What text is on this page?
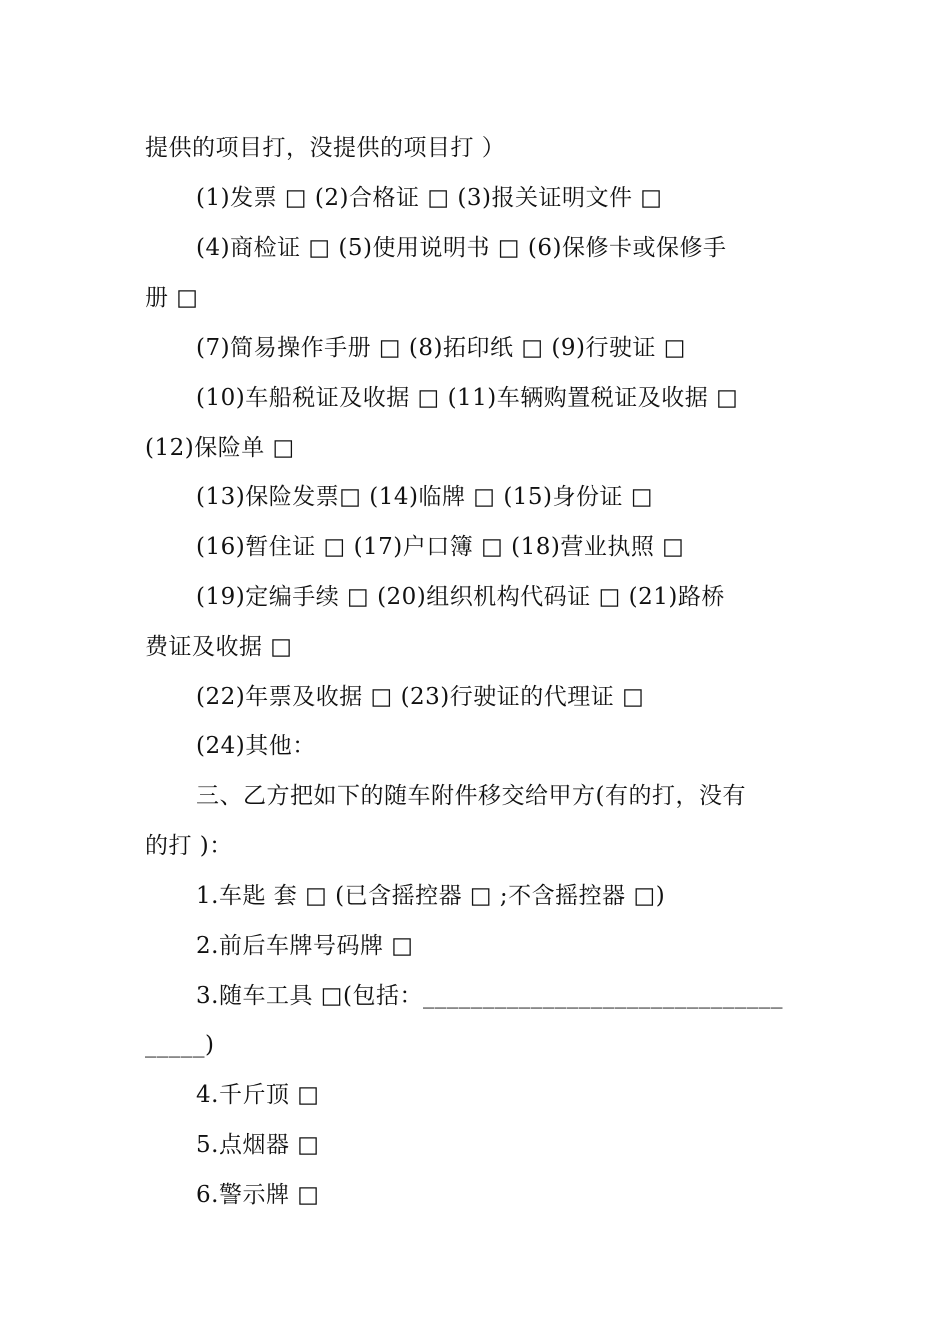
提供的项目打，没提供的项目打 ）
(1)发票 □ (2)合格证 □ (3)报关证明文件 □
(4)商检证 □ (5)使用说明书 □ (6)保修卡或保修手
册 □
(7)简易操作手册 □ (8)拓印纸 □ (9)行驶证 □
(10)车船税证及收据 □ (11)车辆购置税证及收据 □
(12)保险单 □
(13)保险发票□ (14)临牌 □ (15)身份证 □
(16)暂住证 □ (17)户口簿 □ (18)营业执照 □
(19)定编手续 □ (20)组织机构代码证 □ (21)路桥
费证及收据 □
(22)年票及收据 □ (23)行驶证的代理证 □
(24)其他：
三、乙方把如下的随车附件移交给甲方(有的打，没有
的打 )：
1.车匙 套 □ (已含摇控器 □ ;不含摇控器 □)
2.前后车牌号码牌 □
3.随车工具 □(包括：______________________________
_____)
4.千斤顶 □
5.点烟器 □
6.警示牌 □
